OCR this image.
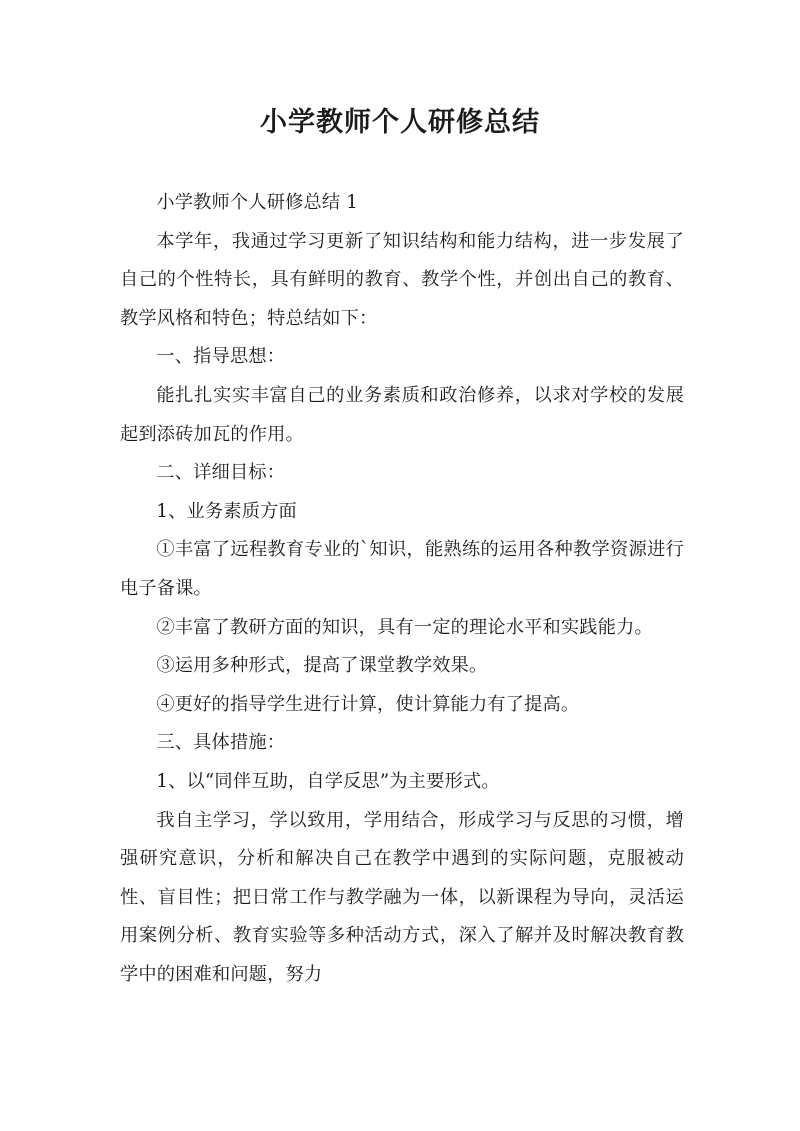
小学教师个人研修总结

小学教师个人研修总结 1

本学年，我通过学习更新了知识结构和能力结构，进一步发展了自己的个性特长，具有鲜明的教育、教学个性，并创出自己的教育、教学风格和特色；特总结如下：

一、指导思想：

能扎扎实实丰富自己的业务素质和政治修养，以求对学校的发展起到添砖加瓦的作用。

二、详细目标：

1、业务素质方面

①丰富了远程教育专业的`知识，能熟练的运用各种教学资源进行电子备课。

②丰富了教研方面的知识，具有一定的理论水平和实践能力。

③运用多种形式，提高了课堂教学效果。

④更好的指导学生进行计算，使计算能力有了提高。

三、具体措施：

1、以“同伴互助，自学反思”为主要形式。

我自主学习，学以致用，学用结合，形成学习与反思的习惯，增强研究意识，分析和解决自己在教学中遇到的实际问题，克服被动性、盲目性；把日常工作与教学融为一体，以新课程为导向，灵活运用案例分析、教育实验等多种活动方式，深入了解并及时解决教育教学中的困难和问题，努力
